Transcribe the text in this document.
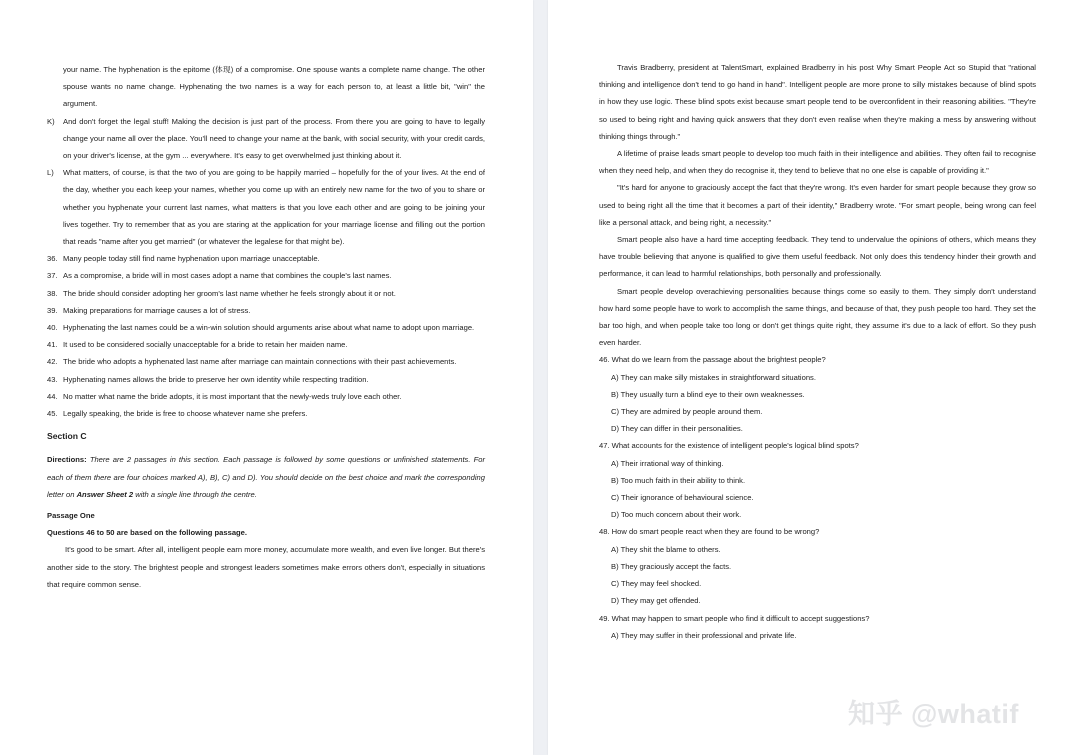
your name. The hyphenation is the epitome (体现) of a compromise. One spouse wants a complete name change. The other spouse wants no name change. Hyphenating the two names is a way for each person to, at least a little bit, "win" the argument.

K)	And don't forget the legal stuff! Making the decision is just part of the process. From there you are going to have to legally change your name all over the place. You'll need to change your name at the bank, with social security, with your credit cards, on your driver's license, at the gym ... everywhere. It's easy to get overwhelmed just thinking about it.
L)	What matters, of course, is that the two of you are going to be happily married – hopefully for the of your lives. At the end of the day, whether you each keep your names, whether you come up with an entirely new name for the two of you to share or whether you hyphenate your current last names, what matters is that you love each other and are going to be joining your lives together. Try to remember that as you are staring at the application for your marriage license and filling out the portion that reads "name after you get married" (or whatever the legalese for that might be).
36. Many people today still find name hyphenation upon marriage unacceptable.
37. As a compromise, a bride will in most cases adopt a name that combines the couple's last names.
38. The bride should consider adopting her groom's last name whether he feels strongly about it or not.
39. Making preparations for marriage causes a lot of stress.
40. Hyphenating the last names could be a win-win solution should arguments arise about what name to adopt upon marriage.
41. It used to be considered socially unacceptable for a bride to retain her maiden name.
42. The bride who adopts a hyphenated last name after marriage can maintain connections with their past achievements.
43. Hyphenating names allows the bride to preserve her own identity while respecting tradition.
44. No matter what name the bride adopts, it is most important that the newly-weds truly love each other.
45. Legally speaking, the bride is free to choose whatever name she prefers.
Section C

Directions: There are 2 passages in this section. Each passage is followed by some questions or unfinished statements. For each of them there are four choices marked A), B), C) and D). You should decide on the best choice and mark the corresponding letter on Answer Sheet 2 with a single line through the centre.

Passage One

Questions 46 to 50 are based on the following passage.

It's good to be smart. After all, intelligent people earn more money, accumulate more wealth, and even live longer. But there's another side to the story. The brightest people and strongest leaders sometimes make errors others don't, especially in situations that require common sense.

Travis Bradberry, president at TalentSmart, explained Bradberry in his post Why Smart People Act so Stupid that "rational thinking and intelligence don't tend to go hand in hand". Intelligent people are more prone to silly mistakes because of blind spots in how they use logic. These blind spots exist because smart people tend to be overconfident in their reasoning abilities. "They're so used to being right and having quick answers that they don't even realise when they're making a mess by answering without thinking things through."

A lifetime of praise leads smart people to develop too much faith in their intelligence and abilities. They often fail to recognise when they need help, and when they do recognise it, they tend to believe that no one else is capable of providing it."

"It's hard for anyone to graciously accept the fact that they're wrong. It's even harder for smart people because they grow so used to being right all the time that it becomes a part of their identity," Bradberry wrote. "For smart people, being wrong can feel like a personal attack, and being right, a necessity."

Smart people also have a hard time accepting feedback. They tend to undervalue the opinions of others, which means they have trouble believing that anyone is qualified to give them useful feedback. Not only does this tendency hinder their growth and performance, it can lead to harmful relationships, both personally and professionally.

Smart people develop overachieving personalities because things come so easily to them. They simply don't understand how hard some people have to work to accomplish the same things, and because of that, they push people too hard. They set the bar too high, and when people take too long or don't get things quite right, they assume it's due to a lack of effort. So they push even harder.

46. What do we learn from the passage about the brightest people?

A) They can make silly mistakes in straightforward situations.

B) They usually turn a blind eye to their own weaknesses.

C) They are admired by people around them.

D) They can differ in their personalities.

47. What accounts for the existence of intelligent people's logical blind spots?

A) Their irrational way of thinking.

B) Too much faith in their ability to think.

C) Their ignorance of behavioural science.

D) Too much concern about their work.

48. How do smart people react when they are found to be wrong?

A) They shit the blame to others.

B) They graciously accept the facts.

C) They may feel shocked.

D) They may get offended.

49. What may happen to smart people who find it difficult to accept suggestions?

A) They may suffer in their professional and private life.

知乎 @whatif
